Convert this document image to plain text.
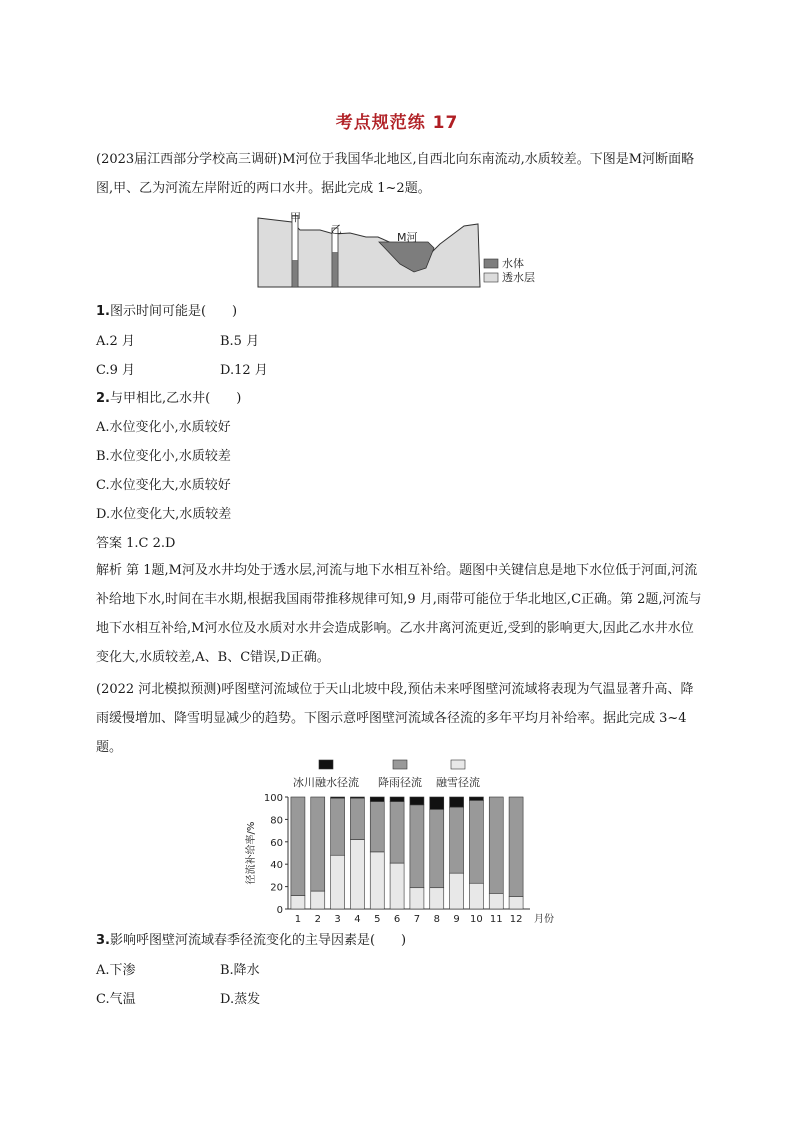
考点规范练 17
(2023届江西部分学校高三调研)M河位于我国华北地区,自西北向东南流动,水质较差。下图是M河断面略图,甲、乙为河流左岸附近的两口水井。据此完成 1~2题。
甲
乙
M河
水体
透水层
1.图示时间可能是(　　)
A.2 月	B.5 月
C.9 月	D.12 月
2.与甲相比,乙水井(　　)
A.水位变化小,水质较好
B.水位变化小,水质较差
C.水位变化大,水质较好
D.水位变化大,水质较差
答案 1.C 2.D
解析 第 1题,M河及水井均处于透水层,河流与地下水相互补给。题图中关键信息是地下水位低于河面,河流补给地下水,时间在丰水期,根据我国雨带推移规律可知,9 月,雨带可能位于华北地区,C正确。第 2题,河流与地下水相互补给,M河水位及水质对水井会造成影响。乙水井离河流更近,受到的影响更大,因此乙水井水位变化大,水质较差,A、B、C错误,D正确。
(2022 河北模拟预测)呼图壁河流域位于天山北坡中段,预估未来呼图壁河流域将表现为气温显著升高、降雨缓慢增加、降雪明显减少的趋势。下图示意呼图壁河流域各径流的多年平均月补给率。据此完成 3~4题。
冰川融水径流 降雨径流 融雪径流
0
20
40
60
80
100
径流补给率/%
1 2 3 4 5 6 7 8 9 10 11 12 月份
3.影响呼图壁河流域春季径流变化的主导因素是(　　)
A.下渗	B.降水
C.气温	D.蒸发
